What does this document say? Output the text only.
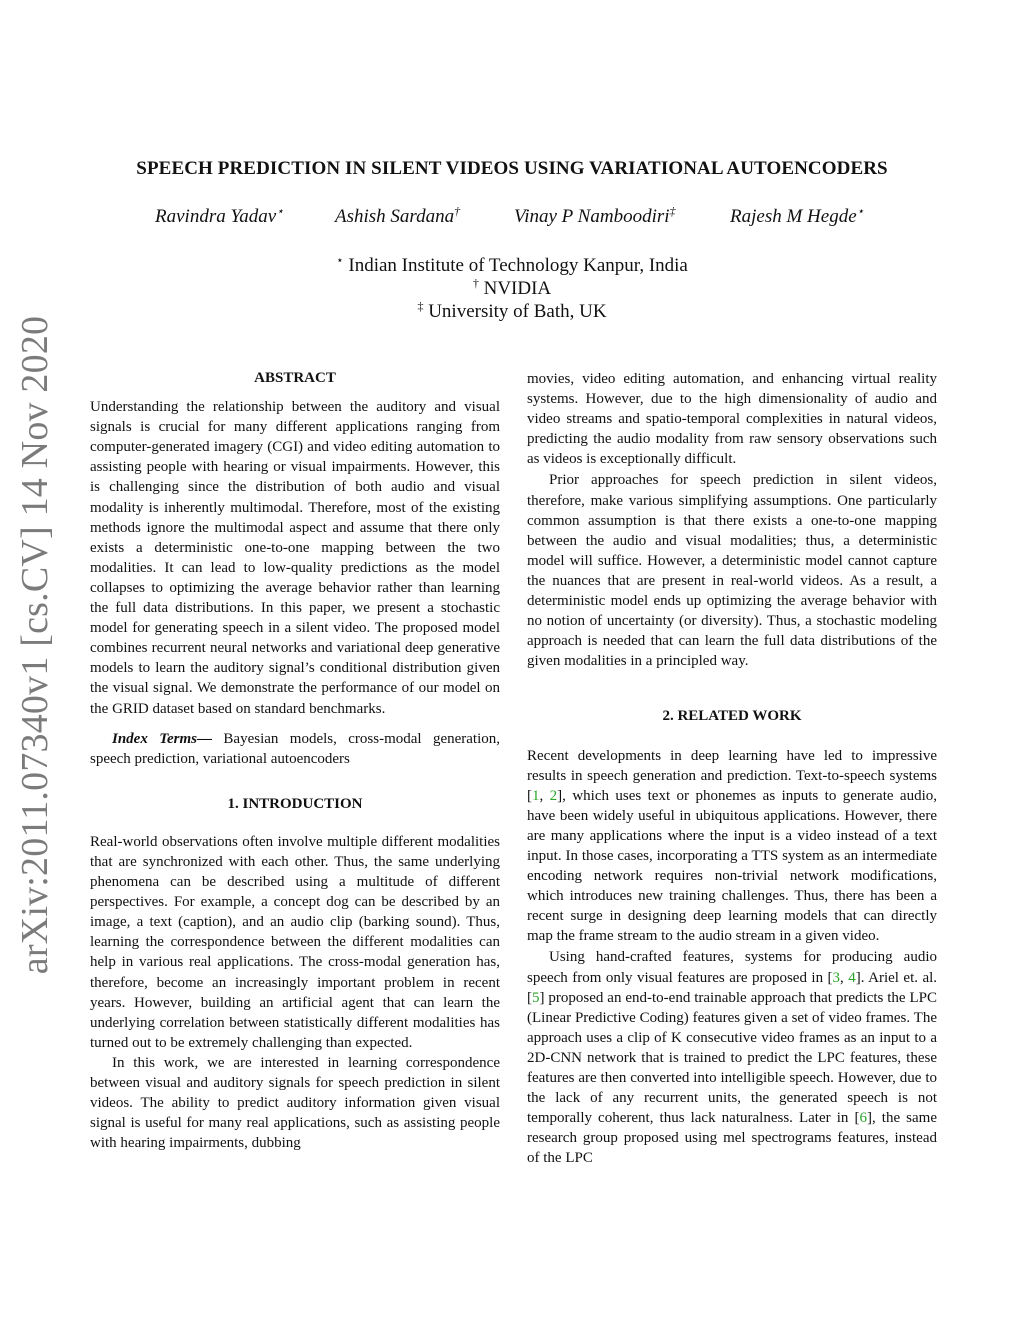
arXiv:2011.07340v1 [cs.CV] 14 Nov 2020
SPEECH PREDICTION IN SILENT VIDEOS USING VARIATIONAL AUTOENCODERS
Ravindra Yadav⋆	Ashish Sardana†	Vinay P Namboodiri‡	Rajesh M Hegde⋆
⋆ Indian Institute of Technology Kanpur, India
† NVIDIA
‡ University of Bath, UK

ABSTRACT

Understanding the relationship between the auditory and visual signals is crucial for many different applications ranging from computer-generated imagery (CGI) and video editing automation to assisting people with hearing or visual impairments. However, this is challenging since the distribution of both audio and visual modality is inherently multimodal. Therefore, most of the existing methods ignore the multimodal aspect and assume that there only exists a deterministic one-to-one mapping between the two modalities. It can lead to low-quality predictions as the model collapses to optimizing the average behavior rather than learning the full data distributions. In this paper, we present a stochastic model for generating speech in a silent video. The proposed model combines recurrent neural networks and variational deep generative models to learn the auditory signal’s conditional distribution given the visual signal. We demonstrate the performance of our model on the GRID dataset based on standard benchmarks.

Index Terms— Bayesian models, cross-modal generation, speech prediction, variational autoencoders

1. INTRODUCTION

Real-world observations often involve multiple different modalities that are synchronized with each other. Thus, the same underlying phenomena can be described using a multitude of different perspectives. For example, a concept dog can be described by an image, a text (caption), and an audio clip (barking sound). Thus, learning the correspondence between the different modalities can help in various real applications. The cross-modal generation has, therefore, become an increasingly important problem in recent years. However, building an artificial agent that can learn the underlying correlation between statistically different modalities has turned out to be extremely challenging than expected.

In this work, we are interested in learning correspondence between visual and auditory signals for speech prediction in silent videos. The ability to predict auditory information given visual signal is useful for many real applications, such as assisting people with hearing impairments, dubbing

movies, video editing automation, and enhancing virtual reality systems. However, due to the high dimensionality of audio and video streams and spatio-temporal complexities in natural videos, predicting the audio modality from raw sensory observations such as videos is exceptionally difficult.

Prior approaches for speech prediction in silent videos, therefore, make various simplifying assumptions. One particularly common assumption is that there exists a one-to-one mapping between the audio and visual modalities; thus, a deterministic model will suffice. However, a deterministic model cannot capture the nuances that are present in real-world videos. As a result, a deterministic model ends up optimizing the average behavior with no notion of uncertainty (or diversity). Thus, a stochastic modeling approach is needed that can learn the full data distributions of the given modalities in a principled way.

2. RELATED WORK

Recent developments in deep learning have led to impressive results in speech generation and prediction. Text-to-speech systems [1, 2], which uses text or phonemes as inputs to generate audio, have been widely useful in ubiquitous applications. However, there are many applications where the input is a video instead of a text input. In those cases, incorporating a TTS system as an intermediate encoding network requires non-trivial network modifications, which introduces new training challenges. Thus, there has been a recent surge in designing deep learning models that can directly map the frame stream to the audio stream in a given video.

Using hand-crafted features, systems for producing audio speech from only visual features are proposed in [3, 4]. Ariel et. al. [5] proposed an end-to-end trainable approach that predicts the LPC (Linear Predictive Coding) features given a set of video frames. The approach uses a clip of K consecutive video frames as an input to a 2D-CNN network that is trained to predict the LPC features, these features are then converted into intelligible speech. However, due to the lack of any recurrent units, the generated speech is not temporally coherent, thus lack naturalness. Later in [6], the same research group proposed using mel spectrograms features, instead of the LPC
